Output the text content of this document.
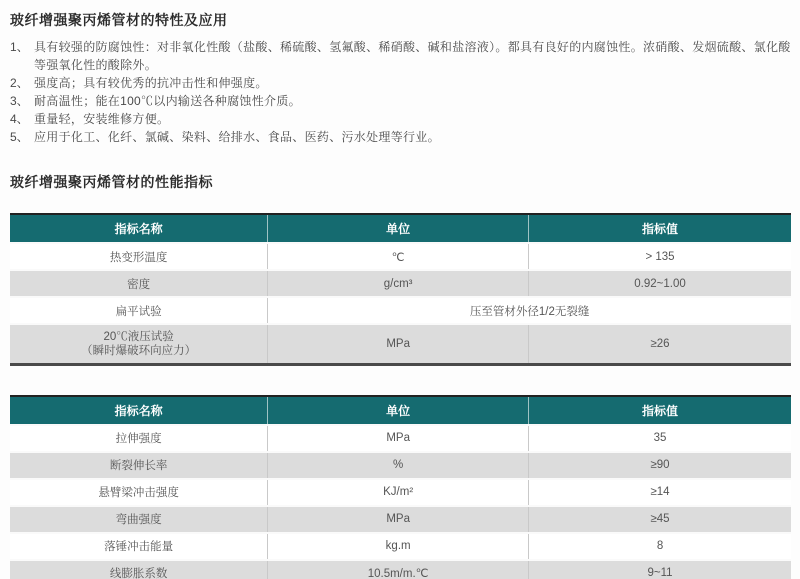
玻纤增强聚丙烯管材的特性及应用
1、 具有较强的防腐蚀性：对非氧化性酸（盐酸、稀硫酸、氢氟酸、稀硝酸、碱和盐溶液）。都具有良好的内腐蚀性。浓硝酸、发烟硫酸、氯化酸等强氧化性的酸除外。
2、 强度高；具有较优秀的抗冲击性和伸强度。
3、 耐高温性；能在100℃以内输送各种腐蚀性介质。
4、 重量轻，安装维修方便。
5、 应用于化工、化纤、氯碱、染料、给排水、食品、医药、污水处理等行业。
玻纤增强聚丙烯管材的性能指标
指标名称	单位	指标值
热变形温度	℃	> 135
密度	g/cm³	0.92~1.00
扁平试验	压至管材外径1/2无裂缝	

20℃液压试验
（瞬时爆破环向应力）	MPa	≥26
指标名称	单位	指标值
拉伸强度	MPa	35
断裂伸长率	%	≥90
悬臂梁冲击强度	KJ/m²	≥14
弯曲强度	MPa	≥45
落锤冲击能量	kg.m	8
线膨胀系数	10.5m/m.℃	9~11
